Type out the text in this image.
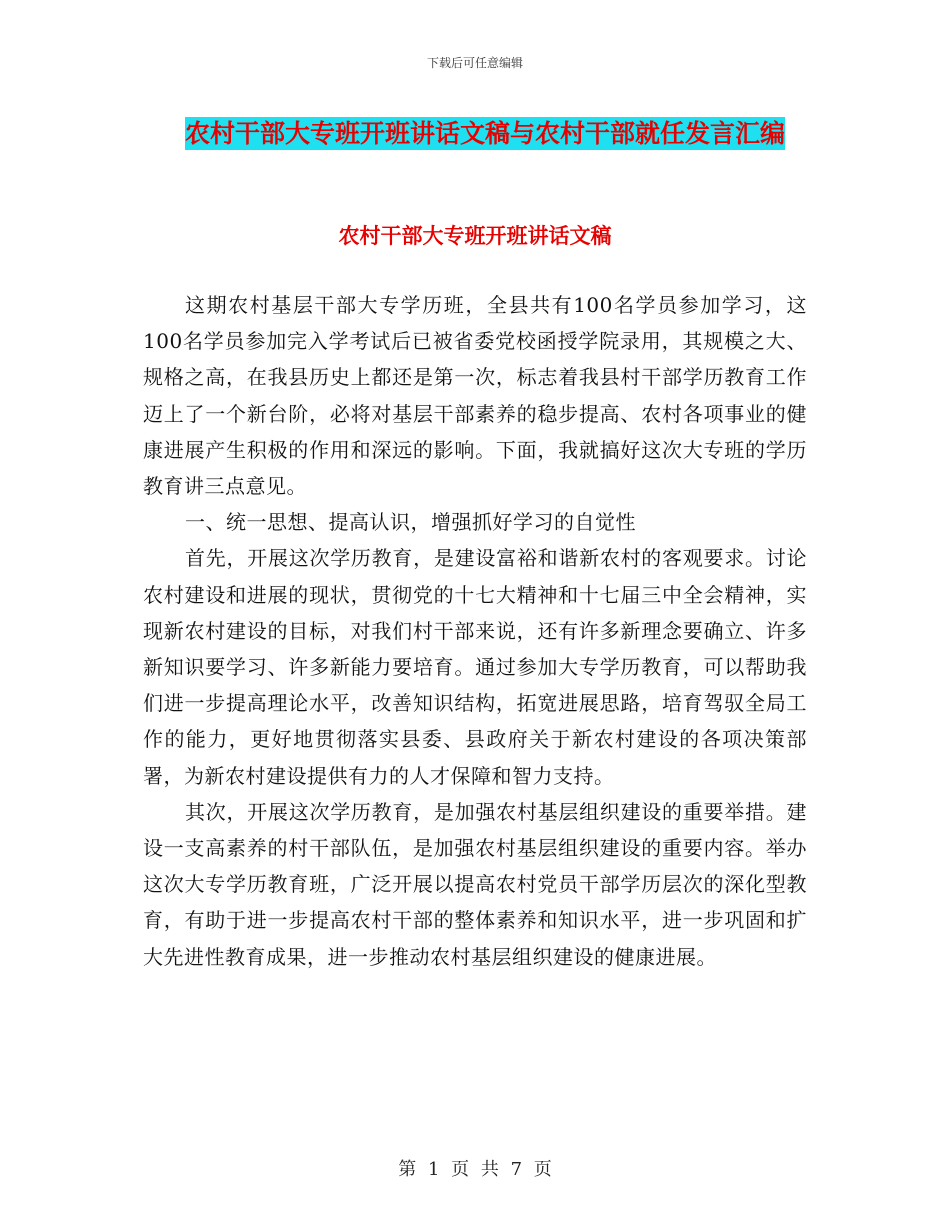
下载后可任意编辑
农村干部大专班开班讲话文稿与农村干部就任发言汇编
农村干部大专班开班讲话文稿

这期农村基层干部大专学历班，全县共有100名学员参加学习，这100名学员参加完入学考试后已被省委党校函授学院录用，其规模之大、规格之高，在我县历史上都还是第一次，标志着我县村干部学历教育工作迈上了一个新台阶，必将对基层干部素养的稳步提高、农村各项事业的健康进展产生积极的作用和深远的影响。下面，我就搞好这次大专班的学历教育讲三点意见。

一、统一思想、提高认识，增强抓好学习的自觉性

首先，开展这次学历教育，是建设富裕和谐新农村的客观要求。讨论 农村建设和进展的现状，贯彻党的十七大精神和十七届三中全会精神，实现新农村建设的目标，对我们村干部来说，还有许多新理念要确立、许多新知识要学习、许多新能力要培育。通过参加大专学历教育，可以帮助我们进一步提高理论水平，改善知识结构，拓宽进展思路，培育驾驭全局工作的能力，更好地贯彻落实县委、县政府关于新农村建设的各项决策部署，为新农村建设提供有力的人才保障和智力支持。

其次，开展这次学历教育，是加强农村基层组织建设的重要举措。建设一支高素养的村干部队伍，是加强农村基层组织建设的重要内容。举办这次大专学历教育班，广泛开展以提高农村党员干部学历层次的深化型教育，有助于进一步提高农村干部的整体素养和知识水平，进一步巩固和扩大先进性教育成果，进一步推动农村基层组织建设的健康进展。

第 1 页 共 7 页
